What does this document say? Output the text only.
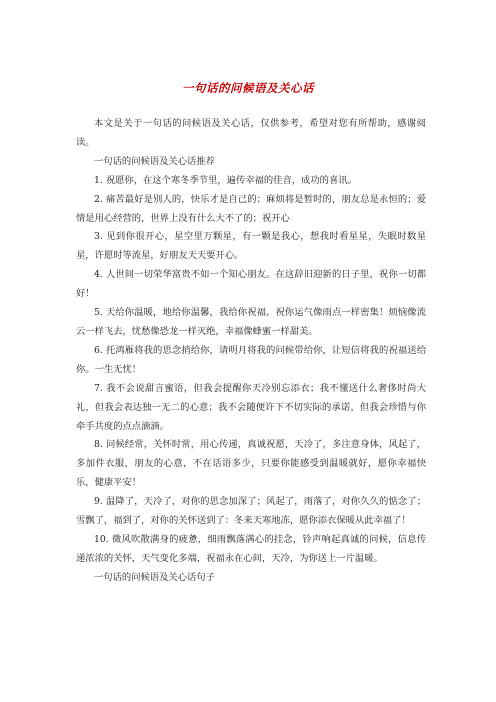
一句话的问候语及关心话

本文是关于一句话的问候语及关心话，仅供参考，希望对您有所帮助，感谢阅读。

一句话的问候语及关心话推荐

1. 祝愿你，在这个寒冬季节里，遍传幸福的佳音，成功的喜讯。

2. 痛苦最好是别人的，快乐才是自己的；麻烦将是暂时的，朋友总是永恒的；爱情是用心经营的，世界上没有什么大不了的；祝开心

3. 见到你很开心，星空里万颗星，有一颗是我心，想我时看星星，失眠时数星星，许愿时等流星，好朋友天天要开心。

4. 人世间一切荣华富贵不如一个知心朋友。在这辞旧迎新的日子里，祝你一切都好！

5. 天给你温暖，地给你温馨，我给你祝福。祝你运气像雨点一样密集！烦恼像流云一样飞去，忧愁像恐龙一样灭绝，幸福像蜂蜜一样甜美。

6. 托鸿雁将我的思念捎给你，请明月将我的问候带给你，让短信将我的祝福送给你。一生无忧！

7. 我不会说甜言蜜语，但我会提醒你天冷别忘添衣；我不懂送什么奢侈时尚大礼，但我会表达独一无二的心意；我不会随便许下不切实际的承诺，但我会珍惜与你牵手共度的点点滴滴。

8. 问候经常，关怀时常，用心传递，真诚祝愿，天冷了，多注意身体，风起了，多加件衣服，朋友的心意，不在话语多少，只要你能感受到温暖就好，愿你幸福快乐，健康平安！

9. 温降了，天冷了，对你的思念加深了；风起了，雨落了，对你久久的惦念了；雪飘了，福到了，对你的关怀送到了：冬来天寒地冻，愿你添衣保暖从此幸福了！

10. 微风吹散满身的疲惫，细雨飘落满心的挂念，铃声响起真诚的问候，信息传递浓浓的关怀，天气变化多端，祝福永在心间，天冷，为你送上一片温暖。

一句话的问候语及关心话句子
